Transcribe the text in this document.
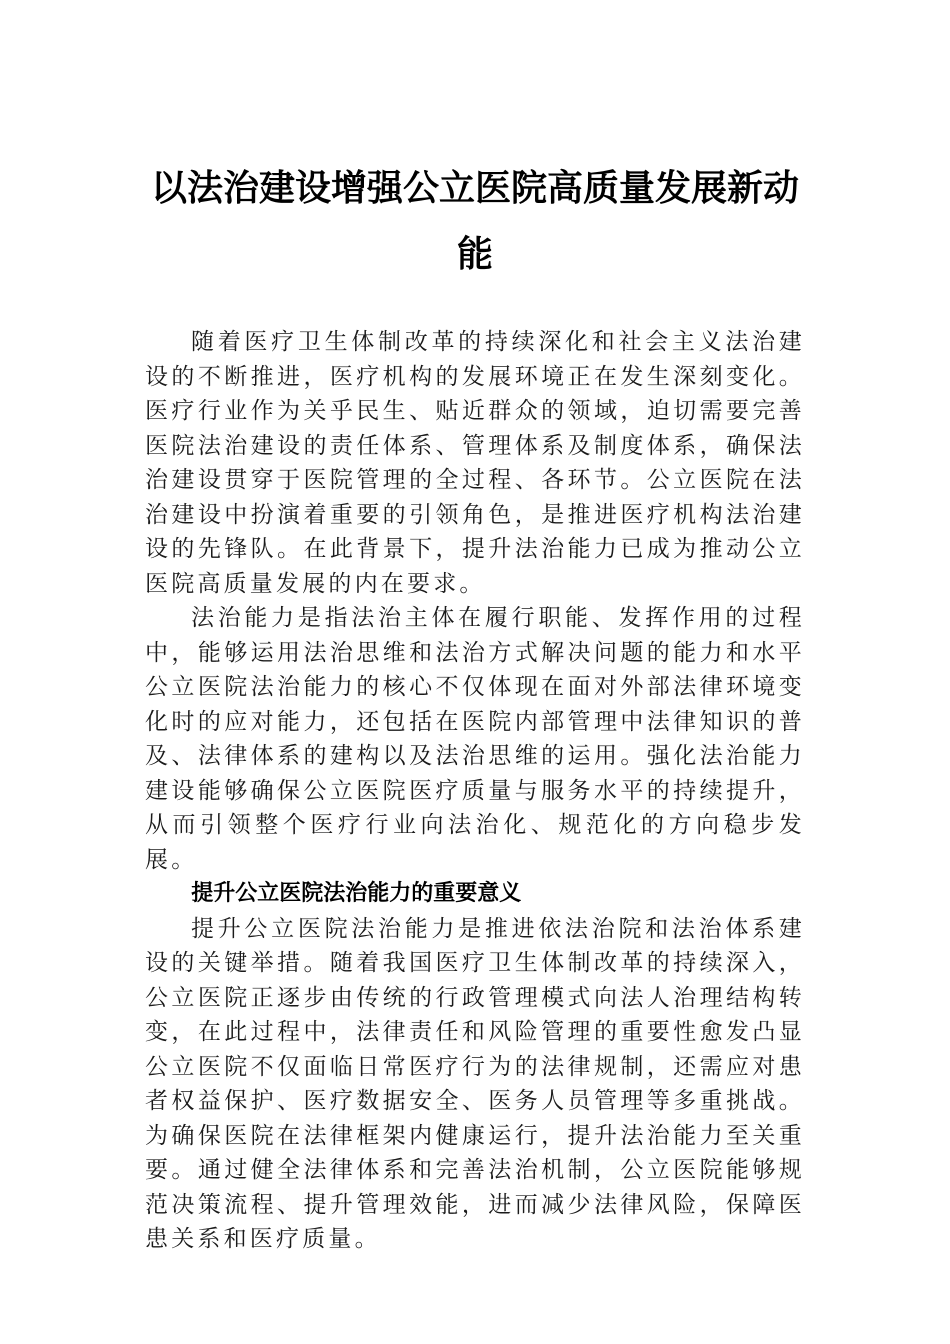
以法治建设增强公立医院高质量发展新动能

随着医疗卫生体制改革的持续深化和社会主义法治建设的不断推进，医疗机构的发展环境正在发生深刻变化。医疗行业作为关乎民生、贴近群众的领域，迫切需要完善医院法治建设的责任体系、管理体系及制度体系，确保法治建设贯穿于医院管理的全过程、各环节。公立医院在法治建设中扮演着重要的引领角色，是推进医疗机构法治建设的先锋队。在此背景下，提升法治能力已成为推动公立医院高质量发展的内在要求。

法治能力是指法治主体在履行职能、发挥作用的过程中，能够运用法治思维和法治方式解决问题的能力和水平公立医院法治能力的核心不仅体现在面对外部法律环境变化时的应对能力，还包括在医院内部管理中法律知识的普及、法律体系的建构以及法治思维的运用。强化法治能力建设能够确保公立医院医疗质量与服务水平的持续提升，从而引领整个医疗行业向法治化、规范化的方向稳步发展。

提升公立医院法治能力的重要意义

提升公立医院法治能力是推进依法治院和法治体系建设的关键举措。随着我国医疗卫生体制改革的持续深入，公立医院正逐步由传统的行政管理模式向法人治理结构转变，在此过程中，法律责任和风险管理的重要性愈发凸显公立医院不仅面临日常医疗行为的法律规制，还需应对患者权益保护、医疗数据安全、医务人员管理等多重挑战。为确保医院在法律框架内健康运行，提升法治能力至关重要。通过健全法律体系和完善法治机制，公立医院能够规范决策流程、提升管理效能，进而减少法律风险，保障医患关系和医疗质量。
